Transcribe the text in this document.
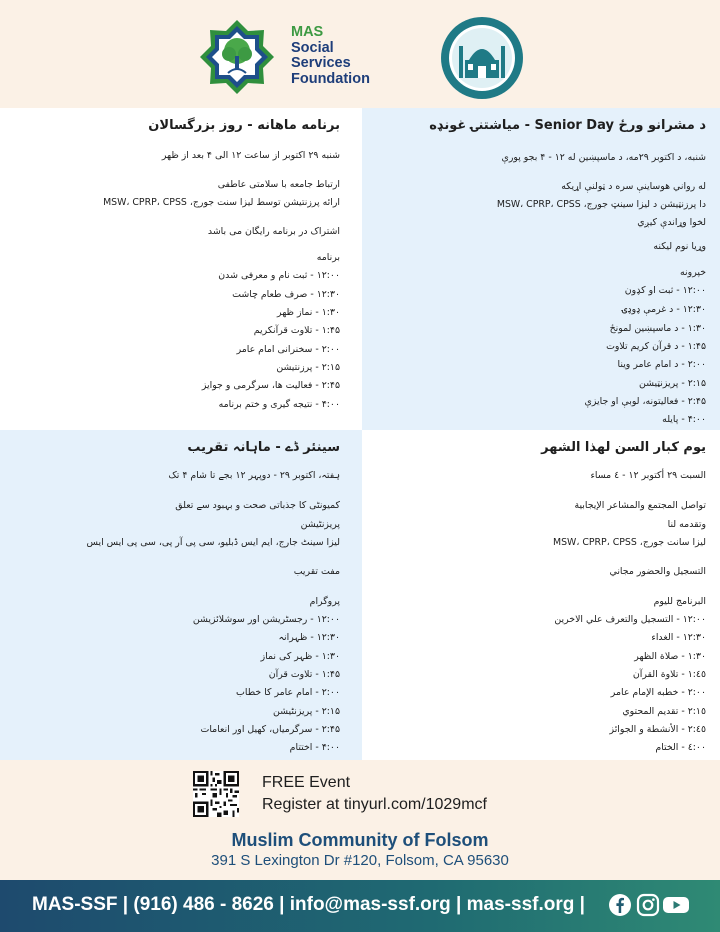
MAS
Social
Services
Foundation
د مشرانو ورځ Senior Day - میاشتنۍ غونډه
شنبه، د اکتوبر ۲۹مه، د ماسپښین له ۱۲ - ۴ بجو پورې
له رواني هوساینې سره د ټولنې اړیکه
دا پرزنټیشن د لیزا سینټ جورج، MSW، CPRP، CPSS
لخوا وړاندې کیږي
وړیا نوم لیکنه
خپرونه
۱۲:۰۰ - ثبت او کډون
۱۲:۳۰ - د غرمې ډوډۍ
۱:۳۰ - د ماسپښین لمونځ
۱:۴۵ - د قرآن کریم تلاوت
۲:۰۰ - د امام عامر وینا
۲:۱۵ - پریزنټیشن
۲:۴۵ - فعالیتونه، لوبې او جایزې
۴:۰۰ - پایله
برنامه ماهانه - روز بزرگسالان
شنبه ۲۹ اکتوبر از ساعت ۱۲ الی ۴ بعد از ظهر
ارتباط جامعه با سلامتی عاطفی
ارائه پرزنتیشن توسط لیزا سنت جورج، MSW، CPRP، CPSS
اشتراک در برنامه رایگان می باشد
برنامه
۱۲:۰۰ - ثبت نام و معرفی شدن
۱۲:۳۰ - صرف طعام چاشت
۱:۳۰ - نماز ظهر
۱:۴۵ - تلاوت قرآنکریم
۲:۰۰ - سخنرانی امام عامر
۲:۱۵ - پرزنتیشن
۲:۴۵ - فعالیت ها، سرگرمی و جوایز
۴:۰۰ - نتیجه گیری و ختم برنامه
يوم كبار السن لهذا الشهر
السبت ٢٩ أكتوبر ١٢ - ٤ مساء
تواصل المجتمع والمشاعر الإيجابية
وتقدمه لنا
ليزا سانت جورج، MSW، CPRP، CPSS
التسجيل والحضور مجاني
البرنامج لليوم
١٢:٠٠ - التسجيل والتعرف علي الاخرين
١٢:٣٠ - الغداء
١:٣٠ - صلاة الظهر
١:٤٥ - تلاوة القرآن
٢:٠٠ - خطبه الإمام عامر
٢:١٥ - تقديم المحتوي
٢:٤٥ - الأنشطة و الجوائز
٤:٠٠ - الختام
سینئر ڈے - ماہانہ تقریب
ہفتہ، اکتوبر ۲۹ - دوپہر ۱۲ بجے تا شام ۴ تک
کمیونٹی کا جذباتی صحت و بہبود سے تعلق
پریزنٹیشن
لیزا سینٹ جارج، ایم ایس ڈبلیو، سی پی آر پی، سی پی ایس ایس
مفت تقریب
پروگرام
۱۲:۰۰ - رجسٹریشن اور سوشلائزیشن
۱۲:۳۰ - ظہرانہ
۱:۳۰ - ظہر کی نماز
۱:۴۵ - تلاوت قرآن
۲:۰۰ - امام عامر کا خطاب
۲:۱۵ - پریزنٹیشن
۲:۴۵ - سرگرمیاں، کھیل اور انعامات
۴:۰۰ - اختتام
FREE Event
Register at tinyurl.com/1029mcf
Muslim Community of Folsom
391 S Lexington Dr #120, Folsom, CA 95630
MAS-SSF | (916) 486 - 8626 | info@mas-ssf.org | mas-ssf.org |
